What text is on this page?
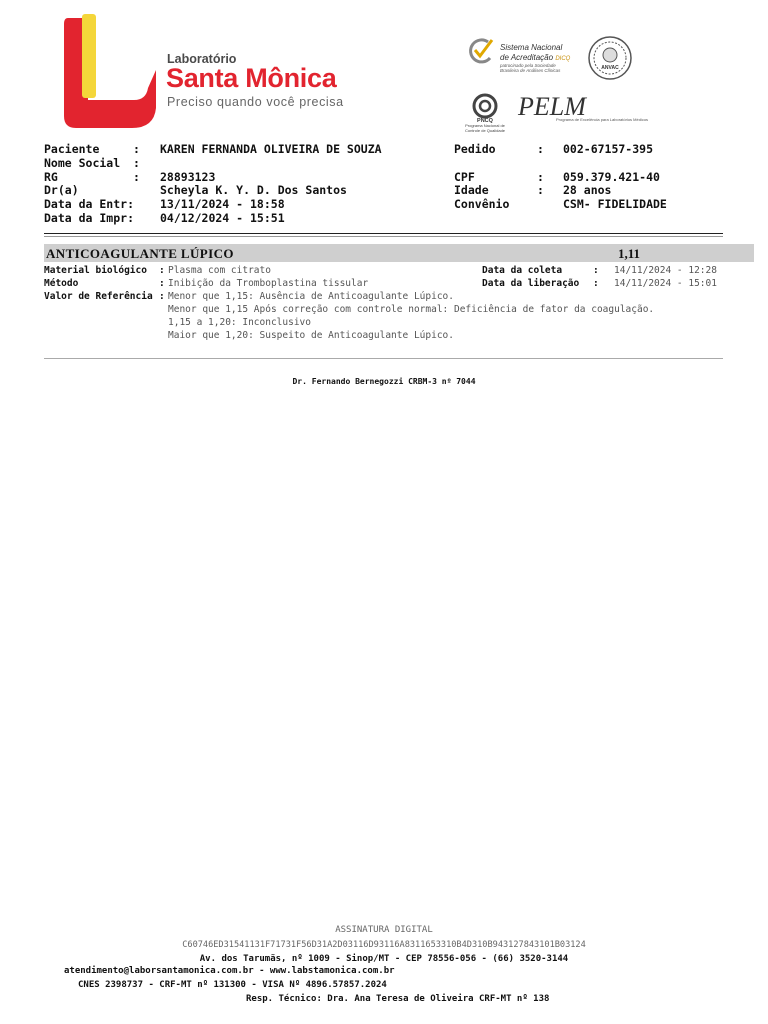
Laboratório
Santa Mônica
Preciso quando você precisa
Sistema Nacional
de Acreditação DICQ
patrocinado pela Sociedade Brasileira de Análises Clínicas	ANVAC
PNCQ
Programa Nacional de Controle de Qualidade
PELM
Programa de Excelência para Laboratórios Médicos
Paciente	: KAREN FERNANDA OLIVEIRA DE SOUZA
Nome Social :
RG	: 28893123
Dr(a)	Scheyla K. Y. D. Dos Santos
Data da Entr:	13/11/2024 - 18:58
Data da Impr:	04/12/2024 - 15:51
Pedido	: 002-67157-395
CPF	: 059.379.421-40
Idade	: 28 anos
Convênio	CSM- FIDELIDADE
ANTICOAGULANTE LÚPICO	1,11
Material biológico : Plasma com citrato
Método	: Inibição da Tromboplastina tissular
Valor de Referência : Menor que 1,15: Ausência de Anticoagulante Lúpico.
Menor que 1,15 Após correção com controle normal: Deficiência de fator da coagulação.
1,15 a 1,20: Inconclusivo
Maior que 1,20: Suspeito de Anticoagulante Lúpico.
Data da coleta	: 14/11/2024 - 12:28
Data da liberação : 14/11/2024 - 15:01
Dr. Fernando Bernegozzi CRBM-3 nº 7044
ASSINATURA DIGITAL
C60746ED31541131F71731F56D31A2D03116D93116A8311653310B4D310B943127843101B03124
Av. dos Tarumãs, nº 1009 - Sinop/MT - CEP 78556-056 - (66) 3520-3144
atendimento@laborsantamonica.com.br - www.labstamonica.com.br
CNES 2398737 - CRF-MT nº 131300 - VISA Nº 4896.57857.2024
Resp. Técnico: Dra. Ana Teresa de Oliveira CRF-MT nº 138
